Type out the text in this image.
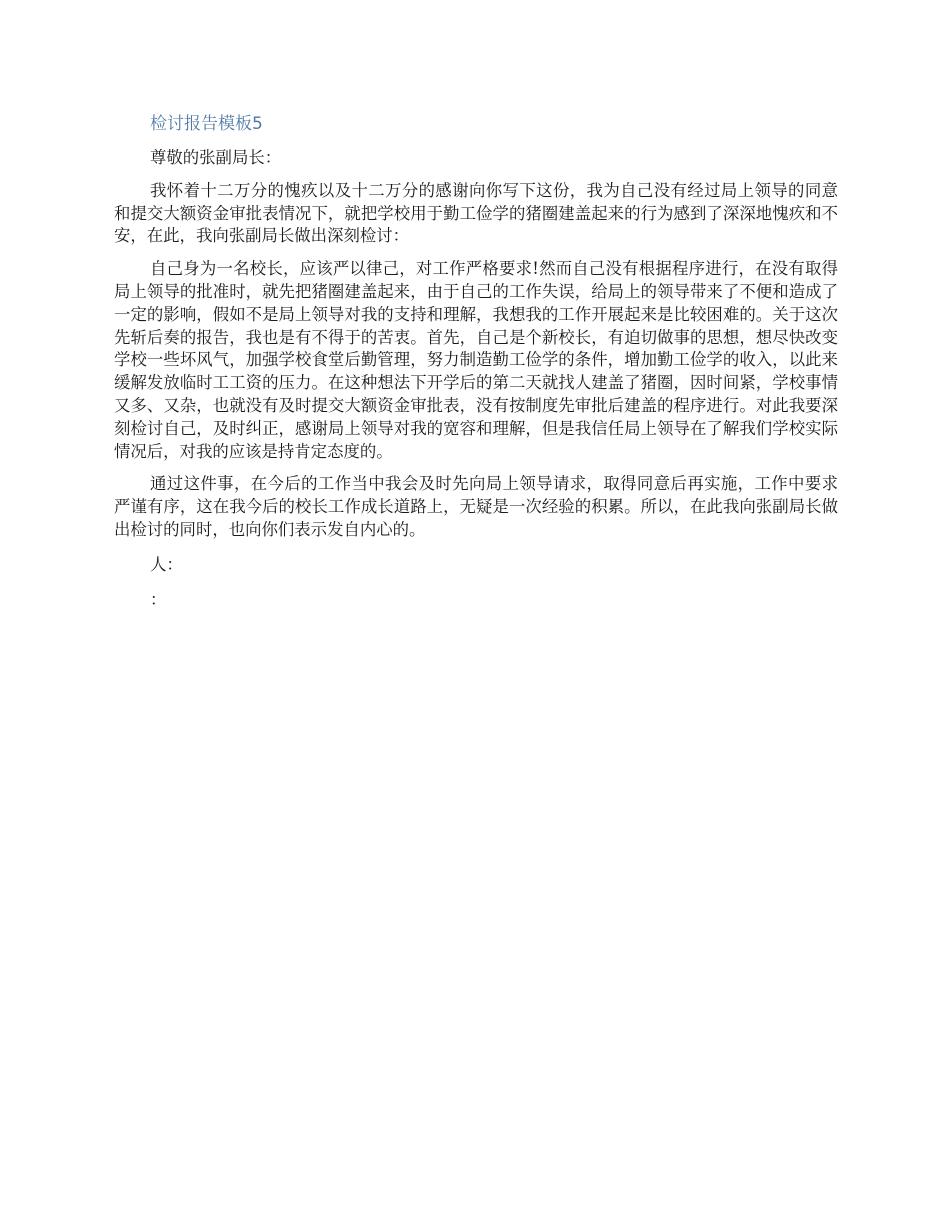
检讨报告模板5
尊敬的张副局长：

我怀着十二万分的愧疚以及十二万分的感谢向你写下这份，我为自己没有经过局上领导的同意和提交大额资金审批表情况下，就把学校用于勤工俭学的猪圈建盖起来的行为感到了深深地愧疚和不安，在此，我向张副局长做出深刻检讨：

自己身为一名校长，应该严以律己，对工作严格要求!然而自己没有根据程序进行，在没有取得局上领导的批准时，就先把猪圈建盖起来，由于自己的工作失误，给局上的领导带来了不便和造成了一定的影响，假如不是局上领导对我的支持和理解，我想我的工作开展起来是比较困难的。关于这次先斩后奏的报告，我也是有不得于的苦衷。首先，自己是个新校长，有迫切做事的思想，想尽快改变学校一些坏风气，加强学校食堂后勤管理，努力制造勤工俭学的条件，增加勤工俭学的收入，以此来缓解发放临时工工资的压力。在这种想法下开学后的第二天就找人建盖了猪圈，因时间紧，学校事情又多、又杂，也就没有及时提交大额资金审批表，没有按制度先审批后建盖的程序进行。对此我要深刻检讨自己，及时纠正，感谢局上领导对我的宽容和理解，但是我信任局上领导在了解我们学校实际情况后，对我的应该是持肯定态度的。

通过这件事，在今后的工作当中我会及时先向局上领导请求，取得同意后再实施，工作中要求严谨有序，这在我今后的校长工作成长道路上，无疑是一次经验的积累。所以，在此我向张副局长做出检讨的同时，也向你们表示发自内心的。

人：
：
